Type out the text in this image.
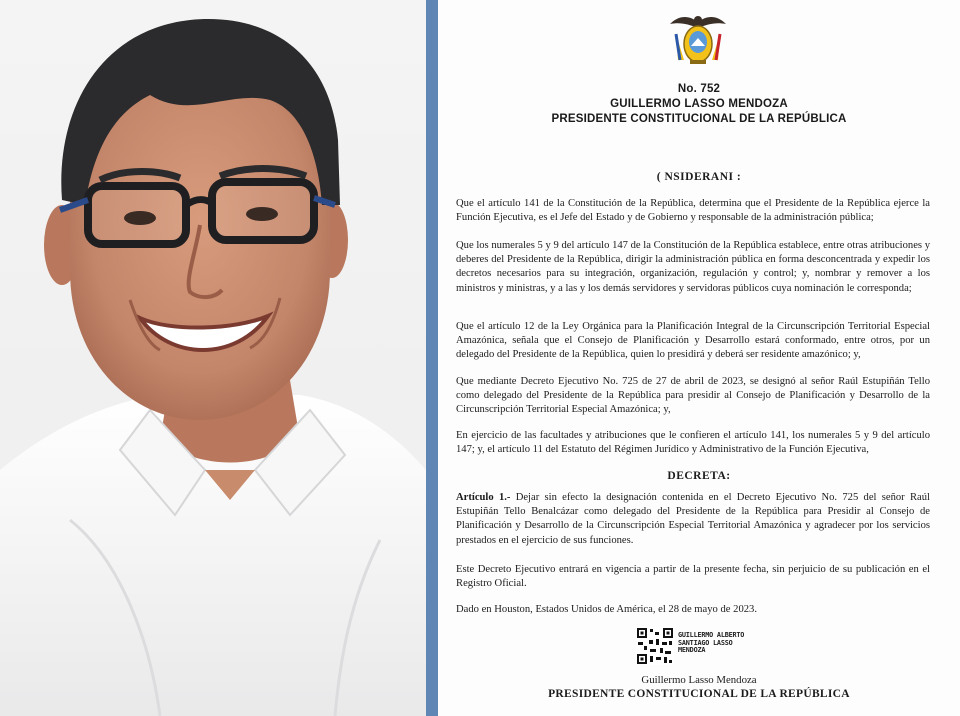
No. 752
GUILLERMO LASSO MENDOZA
PRESIDENTE CONSTITUCIONAL DE LA REPÚBLICA
( NSIDERANI :
Que el artículo 141 de la Constitución de la República, determina que el Presidente de la República ejerce la Función Ejecutiva, es el Jefe del Estado y de Gobierno y responsable de la administración pública;
Que los numerales 5 y 9 del artículo 147 de la Constitución de la República establece, entre otras atribuciones y deberes del Presidente de la República, dirigir la administración pública en forma desconcentrada y expedir los decretos necesarios para su integración, organización, regulación y control; y, nombrar y remover a los ministros y ministras, y a las y los demás servidores y servidoras públicos cuya nominación le corresponda;
Que el artículo 12 de la Ley Orgánica para la Planificación Integral de la Circunscripción Territorial Especial Amazónica, señala que el Consejo de Planificación y Desarrollo estará conformado, entre otros, por un delegado del Presidente de la República, quien lo presidirá y deberá ser residente amazónico; y,
Que mediante Decreto Ejecutivo No. 725 de 27 de abril de 2023, se designó al señor Raúl Estupiñán Tello como delegado del Presidente de la República para presidir al Consejo de Planificación y Desarrollo de la Circunscripción Territorial Especial Amazónica; y,
En ejercicio de las facultades y atribuciones que le confieren el artículo 141, los numerales 5 y 9 del artículo 147; y, el artículo 11 del Estatuto del Régimen Jurídico y Administrativo de la Función Ejecutiva,
DECRETA:
Artículo 1.- Dejar sin efecto la designación contenida en el Decreto Ejecutivo No. 725 del señor Raúl Estupiñán Tello Benalcázar como delegado del Presidente de la República para Presidir al Consejo de Planificación y Desarrollo de la Circunscripción Especial Territorial Amazónica y agradecer por los servicios prestados en el ejercicio de sus funciones.
Este Decreto Ejecutivo entrará en vigencia a partir de la presente fecha, sin perjuicio de su publicación en el Registro Oficial.
Dado en Houston, Estados Unidos de América, el 28 de mayo de 2023.
GUILLERMO ALBERTO
SANTIAGO LASSO
MENDOZA
Guillermo Lasso Mendoza
PRESIDENTE CONSTITUCIONAL DE LA REPÚBLICA
